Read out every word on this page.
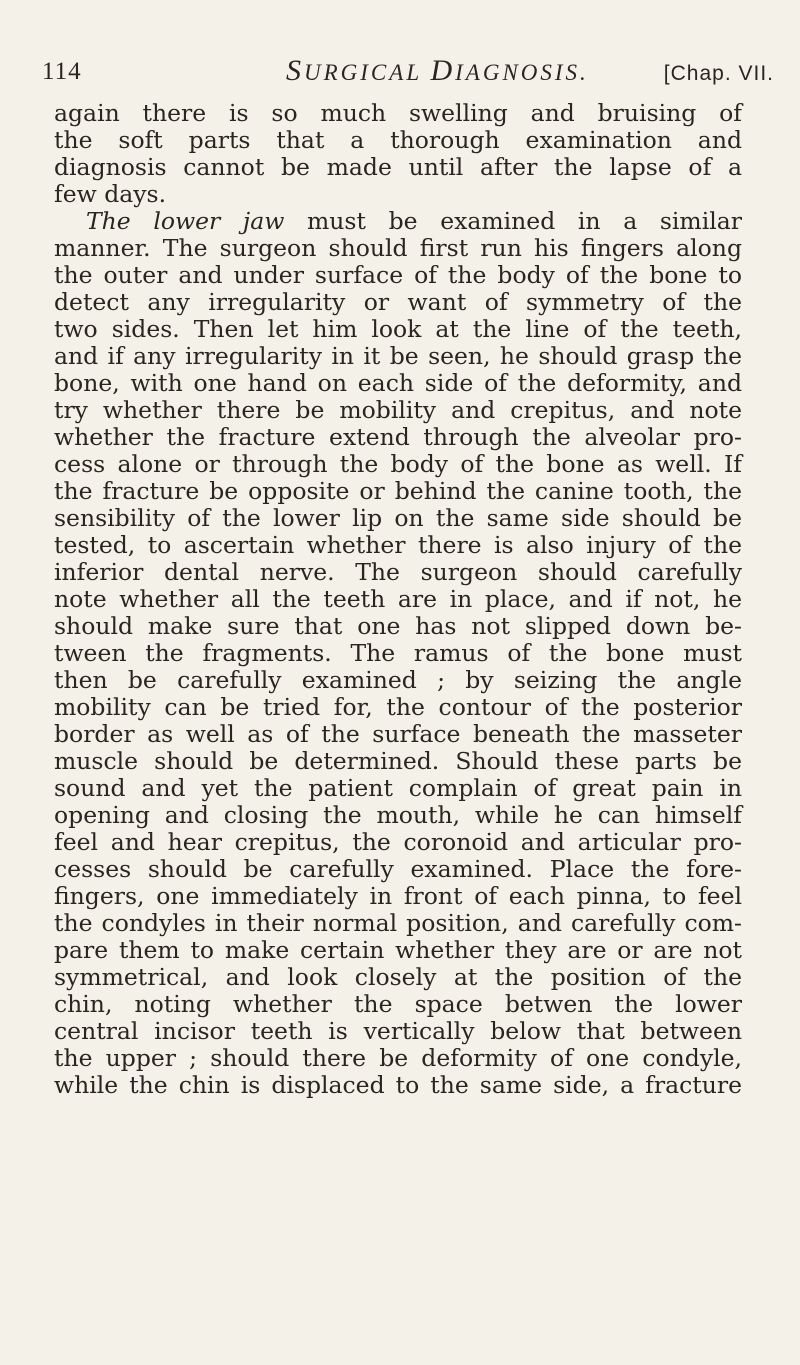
114	SURGICAL DIAGNOSIS.	[Chap. VII.
again there is so much swelling and bruising of
the soft parts that a thorough examination and
diagnosis cannot be made until after the lapse of a
few days.
The lower jaw must be examined in a similar
manner. The surgeon should first run his fingers along
the outer and under surface of the body of the bone to
detect any irregularity or want of symmetry of the
two sides. Then let him look at the line of the teeth,
and if any irregularity in it be seen, he should grasp the
bone, with one hand on each side of the deformity, and
try whether there be mobility and crepitus, and note
whether the fracture extend through the alveolar pro-
cess alone or through the body of the bone as well. If
the fracture be opposite or behind the canine tooth, the
sensibility of the lower lip on the same side should be
tested, to ascertain whether there is also injury of the
inferior dental nerve. The surgeon should carefully
note whether all the teeth are in place, and if not, he
should make sure that one has not slipped down be-
tween the fragments. The ramus of the bone must
then be carefully examined ; by seizing the angle
mobility can be tried for, the contour of the posterior
border as well as of the surface beneath the masseter
muscle should be determined. Should these parts be
sound and yet the patient complain of great pain in
opening and closing the mouth, while he can himself
feel and hear crepitus, the coronoid and articular pro-
cesses should be carefully examined. Place the fore-
fingers, one immediately in front of each pinna, to feel
the condyles in their normal position, and carefully com-
pare them to make certain whether they are or are not
symmetrical, and look closely at the position of the
chin, noting whether the space betwen the lower
central incisor teeth is vertically below that between
the upper ; should there be deformity of one condyle,
while the chin is displaced to the same side, a fracture
